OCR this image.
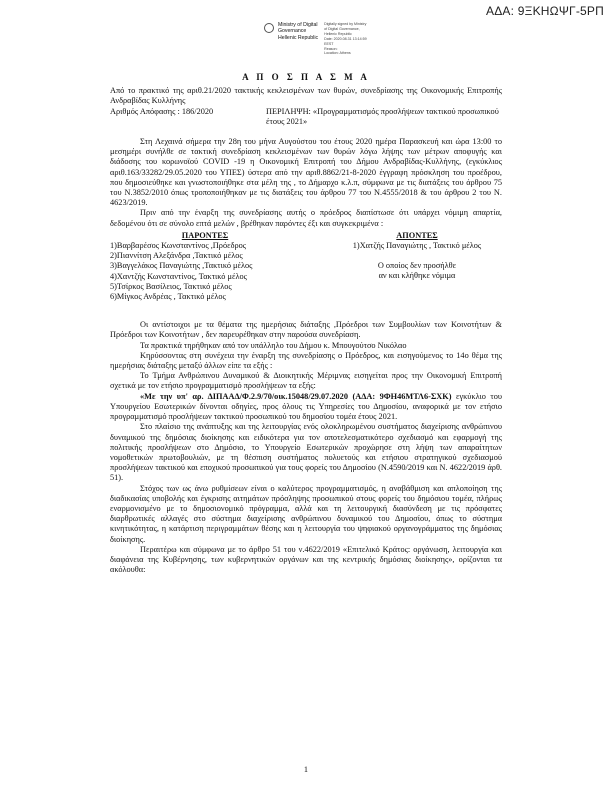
ΑΔΑ: 9ΞΚΗΩΨΓ-5ΡΠ
Ministry of Digital
Governance
Hellenic Republic
Digitally signed by Ministry
of Digital Governance,
Hellenic Republic
Date: 2020.08.31 13:14:59
EEST
Reason:
Location: Athens
Α Π Ο Σ Π Α Σ Μ Α

Από το πρακτικό της αριθ.21/2020 τακτικής κεκλεισμένων των θυρών, συνεδρίασης της Οικονομικής Επιτροπής Ανδραβίδας Κυλλήνης

Αριθμός Απόφασης : 186/2020	ΠΕΡΙΛΗΨΗ: «Προγραμματισμός προσλήψεων τακτικού προσωπικού έτους 2021»

Στη Λεχαινά σήμερα την 28η του μήνα Αυγούστου του έτους 2020 ημέρα Παρασκευή και ώρα 13:00 το μεσημέρι συνήλθε σε τακτική συνεδρίαση κεκλεισμένων των θυρών λόγω λήψης των μέτρων αποφυγής και διάδοσης του κορωνοϊού COVID -19 η Οικονομική Επιτροπή του Δήμου Ανδραβίδας-Κυλλήνης, (εγκύκλιος αριθ.163/33282/29.05.2020 του ΥΠΕΣ) ύστερα από την αριθ.8862/21-8-2020 έγγραφη πρόσκληση του προέδρου, που δημοσιεύθηκε και γνωστοποιήθηκε στα μέλη της , το Δήμαρχο κ.λ.π, σύμφωνα με τις διατάξεις του άρθρου 75 του Ν.3852/2010 όπως τροποποιήθηκαν με τις διατάξεις του άρθρου 77 του Ν.4555/2018 & του άρθρου 2 του Ν. 4623/2019.

Πριν από την έναρξη της συνεδρίασης αυτής ο πρόεδρος διαπίστωσε ότι υπάρχει νόμιμη απαρτία, δεδομένου ότι σε σύνολο επτά μελών , βρέθηκαν παρόντες έξι και συγκεκριμένα :

ΠΑΡΟΝΤΕΣ
1)Βαρβαρέσος Κωνσταντίνος ,Πρόεδρος
2)Πιαννίτση Αλεξάνδρα ,Τακτικό μέλος
3)Βαγγελάκος Παναγιώτης ,Τακτικό μέλος
4)Χαντζής Κωνσταντίνος, Τακτικό μέλος
5)Τσίρκος Βασίλειος, Τακτικό μέλος
6)Μίγκος Ανδρέας , Τακτικό μέλος
ΑΠΟΝΤΕΣ
1)Χατζής Παναγιώτης , Τακτικό μέλος
Ο οποίος δεν προσήλθε
αν και κλήθηκε νόμιμα

Οι αντίστοιχοι με τα θέματα της ημερήσιας διάταξης ,Πρόεδροι των Συμβουλίων των Κοινοτήτων & Πρόεδροι των Κοινοτήτων , δεν παρευρέθηκαν στην παρούσα συνεδρίαση.

Τα πρακτικά τηρήθηκαν από τον υπάλληλο του Δήμου κ. Μπουγούτσο Νικόλαο

Κηρύσσοντας στη συνέχεια την έναρξη της συνεδρίασης ο Πρόεδρος, και εισηγούμενος το 14ο θέμα της ημερήσιας διάταξης μεταξύ άλλων είπε τα εξής :

Το Τμήμα Ανθρώπινου Δυναμικού & Διοικητικής Μέριμνας εισηγείται προς την Οικονομική Επιτροπή σχετικά με τον ετήσιο προγραμματισμό προσλήψεων τα εξής:

«Με την υπ' αρ. ΔΙΠΑΑΔ/Φ.2.9/70/οικ.15048/29.07.2020 (ΑΔΑ: 9ΦΗ46ΜΤΛ6-ΣΧΚ) εγκύκλιο του Υπουργείου Εσωτερικών δίνονται οδηγίες, προς όλους τις Υπηρεσίες του Δημοσίου, αναφορικά με τον ετήσιο προγραμματισμό προσλήψεων τακτικού προσωπικού του δημοσίου τομέα έτους 2021.

Στο πλαίσιο της ανάπτυξης και της λειτουργίας ενός ολοκληρωμένου συστήματος διαχείρισης ανθρώπινου δυναμικού της δημόσιας διοίκησης και ειδικότερα για τον αποτελεσματικότερο σχεδιασμό και εφαρμογή της πολιτικής προσλήψεων στο Δημόσιο, το Υπουργείο Εσωτερικών προχώρησε στη λήψη των απαραίτητων νομοθετικών πρωτοβουλιών, με τη θέσπιση συστήματος πολυετούς και ετήσιου στρατηγικού σχεδιασμού προσλήψεων τακτικού και εποχικού προσωπικού για τους φορείς του Δημοσίου (Ν.4590/2019 και Ν. 4622/2019 άρθ. 51).

Στόχος των ως άνω ρυθμίσεων είναι ο καλύτερος προγραμματισμός, η αναβάθμιση και απλοποίηση της διαδικασίας υποβολής και έγκρισης αιτημάτων πρόσληψης προσωπικού στους φορείς του δημόσιου τομέα, πλήρως εναρμονισμένο με το δημοσιονομικό πρόγραμμα, αλλά και τη λειτουργική διασύνδεση με τις πρόσφατες διαρθρωτικές αλλαγές στο σύστημα διαχείρισης ανθρώπινου δυναμικού του Δημοσίου, όπως το σύστημα κινητικότητας, η κατάρτιση περιγραμμάτων θέσης και η λειτουργία του ψηφιακού οργανογράμματος της δημόσιας διοίκησης.

Περαιτέρω και σύμφωνα με το άρθρο 51 του ν.4622/2019 «Επιτελικό Κράτος: οργάνωση, λειτουργία και διαφάνεια της Κυβέρνησης, των κυβερνητικών οργάνων και της κεντρικής δημόσιας διοίκησης», ορίζονται τα ακόλουθα:

1
